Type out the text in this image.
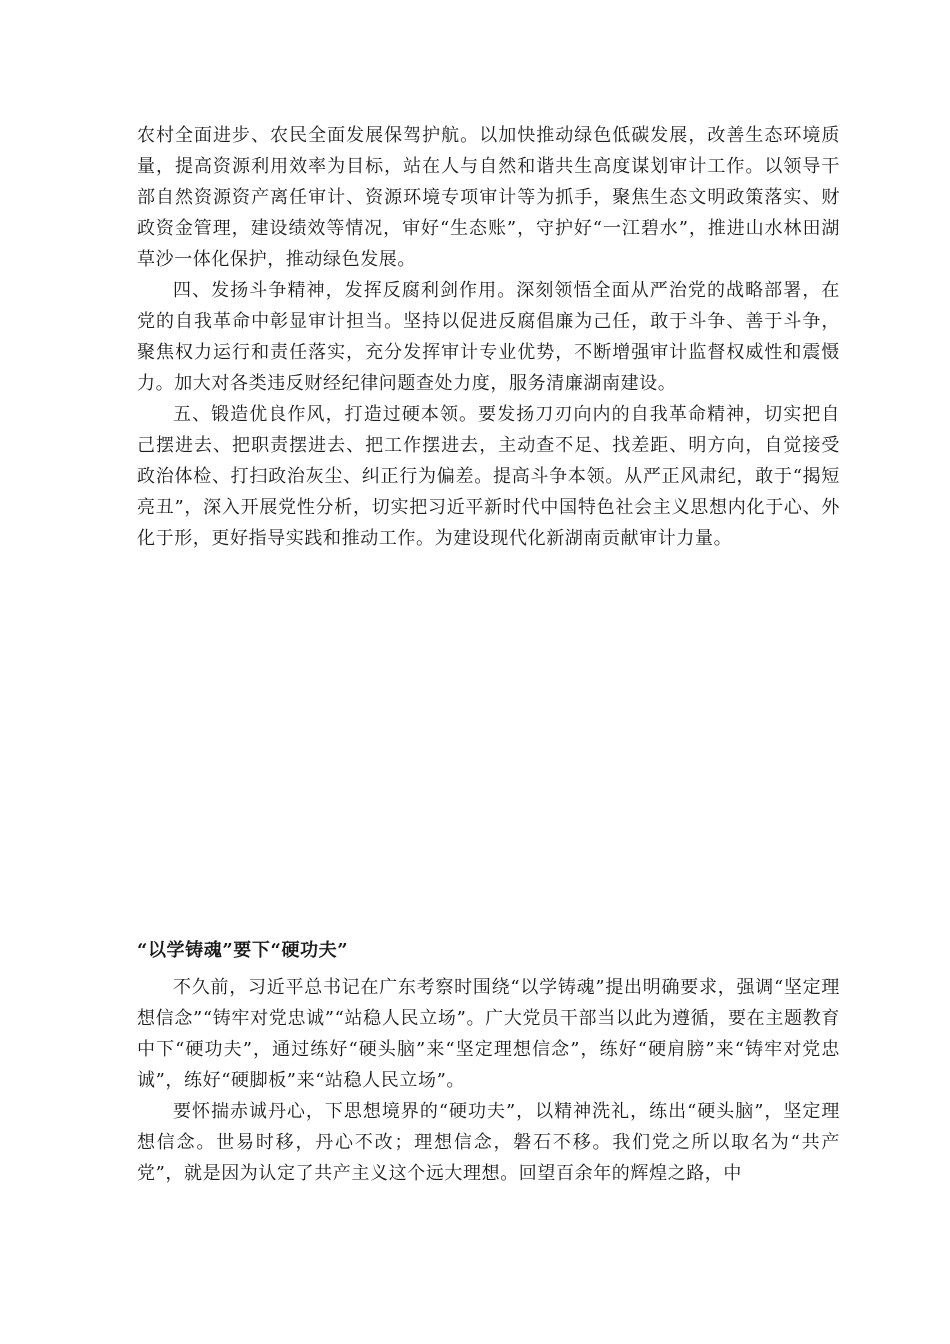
农村全面进步、农民全面发展保驾护航。以加快推动绿色低碳发展，改善生态环境质量，提高资源利用效率为目标，站在人与自然和谐共生高度谋划审计工作。以领导干部自然资源资产离任审计、资源环境专项审计等为抓手，聚焦生态文明政策落实、财政资金管理，建设绩效等情况，审好“生态账”，守护好“一江碧水”，推进山水林田湖草沙一体化保护，推动绿色发展。

四、发扬斗争精神，发挥反腐利剑作用。深刻领悟全面从严治党的战略部署，在党的自我革命中彰显审计担当。坚持以促进反腐倡廉为己任，敢于斗争、善于斗争，聚焦权力运行和责任落实，充分发挥审计专业优势，不断增强审计监督权威性和震慑力。加大对各类违反财经纪律问题查处力度，服务清廉湖南建设。

五、锻造优良作风，打造过硬本领。要发扬刀刃向内的自我革命精神，切实把自己摆进去、把职责摆进去、把工作摆进去，主动查不足、找差距、明方向，自觉接受政治体检、打扫政治灰尘、纠正行为偏差。提高斗争本领。从严正风肃纪，敢于“揭短亮丑”，深入开展党性分析，切实把习近平新时代中国特色社会主义思想内化于心、外化于形，更好指导实践和推动工作。为建设现代化新湖南贡献审计力量。

“以学铸魂”要下“硬功夫”

不久前，习近平总书记在广东考察时围绕“以学铸魂”提出明确要求，强调“坚定理想信念”“铸牢对党忠诚”“站稳人民立场”。广大党员干部当以此为遵循，要在主题教育中下“硬功夫”，通过练好“硬头脑”来“坚定理想信念”，练好“硬肩膀”来“铸牢对党忠诚”，练好“硬脚板”来“站稳人民立场”。

要怀揣赤诚丹心，下思想境界的“硬功夫”，以精神洗礼，练出“硬头脑”，坚定理想信念。世易时移，丹心不改；理想信念，磐石不移。我们党之所以取名为“共产党”，就是因为认定了共产主义这个远大理想。回望百余年的辉煌之路，中
